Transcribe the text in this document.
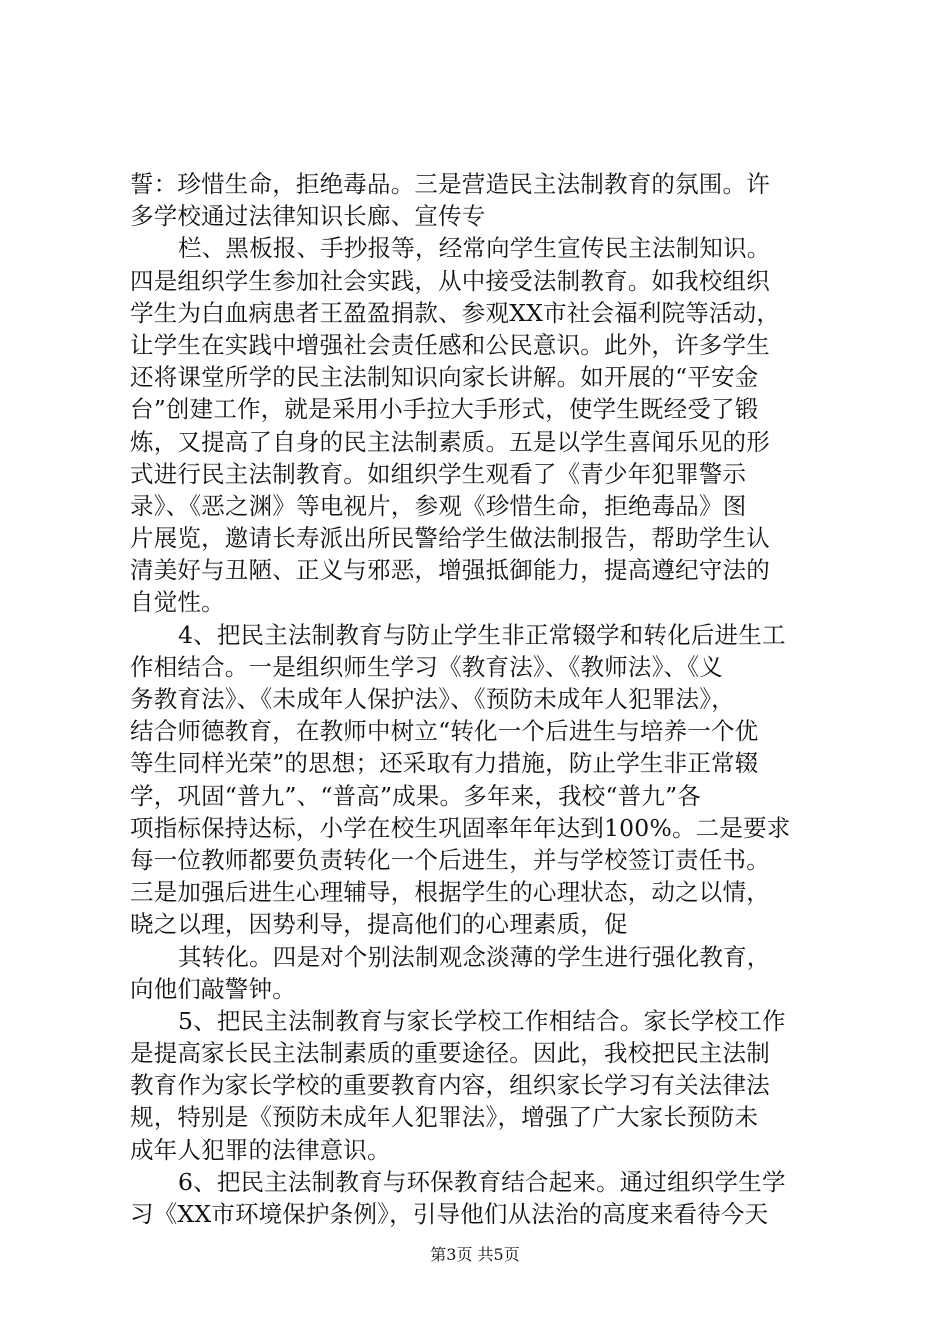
誓：珍惜生命，拒绝毒品。三是营造民主法制教育的氛围。许
多学校通过法律知识长廊、宣传专
栏、黑板报、手抄报等，经常向学生宣传民主法制知识。
四是组织学生参加社会实践，从中接受法制教育。如我校组织
学生为白血病患者王盈盈捐款、参观XX市社会福利院等活动，
让学生在实践中增强社会责任感和公民意识。此外，许多学生
还将课堂所学的民主法制知识向家长讲解。如开展的“平安金
台”创建工作，就是采用小手拉大手形式，使学生既经受了锻
炼，又提高了自身的民主法制素质。五是以学生喜闻乐见的形
式进行民主法制教育。如组织学生观看了《青少年犯罪警示
录》、《恶之渊》等电视片，参观《珍惜生命，拒绝毒品》图
片展览，邀请长寿派出所民警给学生做法制报告，帮助学生认
清美好与丑陋、正义与邪恶，增强抵御能力，提高遵纪守法的
自觉性。
4、把民主法制教育与防止学生非正常辍学和转化后进生工
作相结合。一是组织师生学习《教育法》、《教师法》、《义
务教育法》、《未成年人保护法》、《预防未成年人犯罪法》，
结合师德教育，在教师中树立“转化一个后进生与培养一个优
等生同样光荣”的思想；还采取有力措施，防止学生非正常辍
学，巩固“普九”、“普高”成果。多年来，我校“普九”各
项指标保持达标，小学在校生巩固率年年达到100%。二是要求
每一位教师都要负责转化一个后进生，并与学校签订责任书。
三是加强后进生心理辅导，根据学生的心理状态，动之以情，
晓之以理，因势利导，提高他们的心理素质，促
其转化。四是对个别法制观念淡薄的学生进行强化教育，
向他们敲警钟。
5、把民主法制教育与家长学校工作相结合。家长学校工作
是提高家长民主法制素质的重要途径。因此，我校把民主法制
教育作为家长学校的重要教育内容，组织家长学习有关法律法
规，特别是《预防未成年人犯罪法》，增强了广大家长预防未
成年人犯罪的法律意识。
6、把民主法制教育与环保教育结合起来。通过组织学生学
习《XX市环境保护条例》，引导他们从法治的高度来看待今天
第3页 共5页
